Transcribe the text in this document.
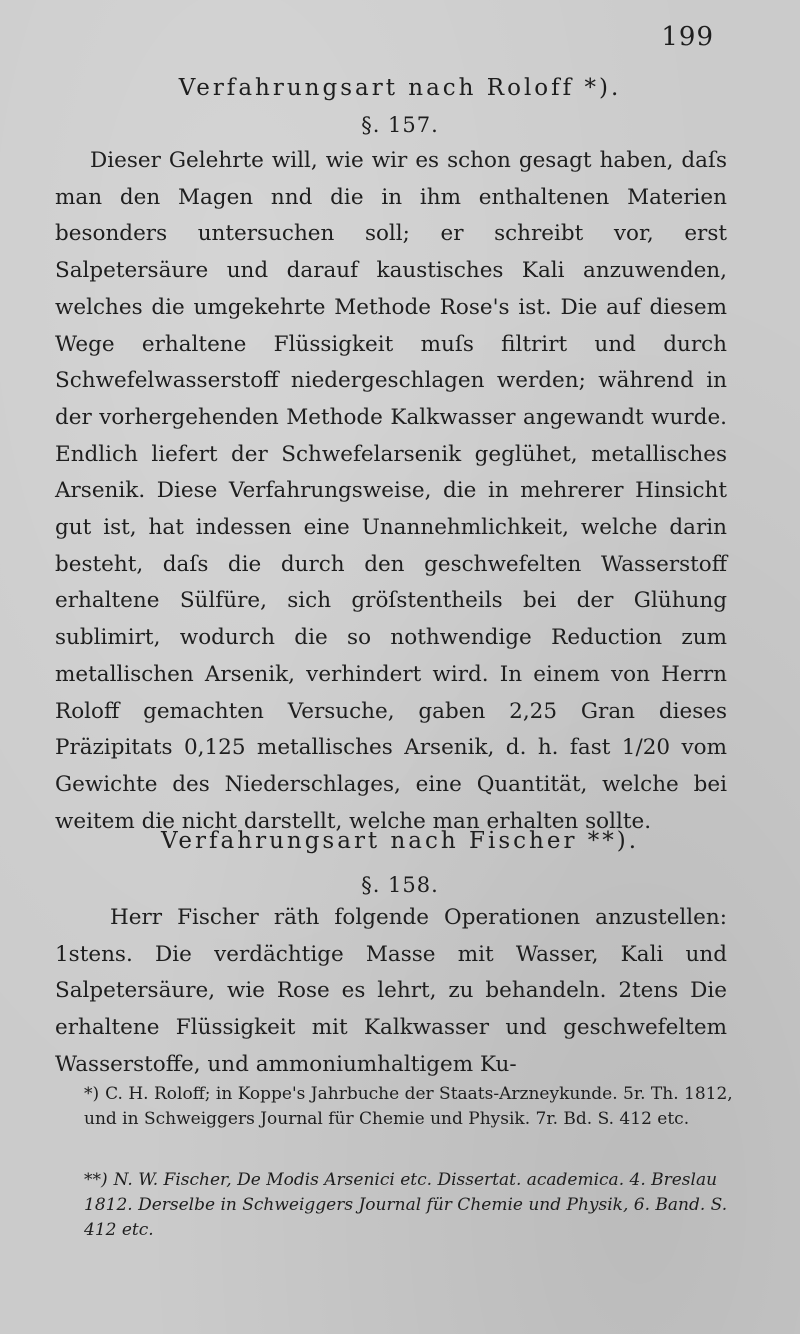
199
Verfahrungsart nach Roloff *).
§. 157.
Dieser Gelehrte will, wie wir es schon gesagt haben, daſs man den Magen nnd die in ihm enthaltenen Materien besonders untersuchen soll; er schreibt vor, erst Salpetersäure und darauf kaustisches Kali anzuwenden, welches die umgekehrte Methode Rose's ist. Die auf diesem Wege erhaltene Flüssigkeit muſs filtrirt und durch Schwefelwasserstoff niedergeschlagen werden; während in der vorhergehenden Methode Kalkwasser angewandt wurde. Endlich liefert der Schwefelarsenik geglühet, metallisches Arsenik. Diese Verfahrungsweise, die in mehrerer Hinsicht gut ist, hat indessen eine Unannehmlichkeit, welche darin besteht, daſs die durch den geschwefelten Wasserstoff erhaltene Sülfüre, sich gröſstentheils bei der Glühung sublimirt, wodurch die so nothwendige Reduction zum metallischen Arsenik, verhindert wird. In einem von Herrn Roloff gemachten Versuche, gaben 2,25 Gran dieses Präzipitats 0,125 metallisches Arsenik, d. h. fast 1/20 vom Gewichte des Niederschlages, eine Quantität, welche bei weitem die nicht darstellt, welche man erhalten sollte.
Verfahrungsart nach Fischer **).
§. 158.
Herr Fischer räth folgende Operationen anzustellen: 1stens. Die verdächtige Masse mit Wasser, Kali und Salpetersäure, wie Rose es lehrt, zu behandeln. 2tens Die erhaltene Flüssigkeit mit Kalkwasser und geschwefeltem Wasserstoffe, und ammoniumhaltigem Ku-
*) C. H. Roloff; in Koppe's Jahrbuche der Staats-Arzneykunde. 5r. Th. 1812, und in Schweiggers Journal für Chemie und Physik. 7r. Bd. S. 412 etc.
**) N. W. Fischer, De Modis Arsenici etc. Dissertat. academica. 4. Breslau 1812. Derselbe in Schweiggers Journal für Chemie und Physik, 6. Band. S. 412 etc.
